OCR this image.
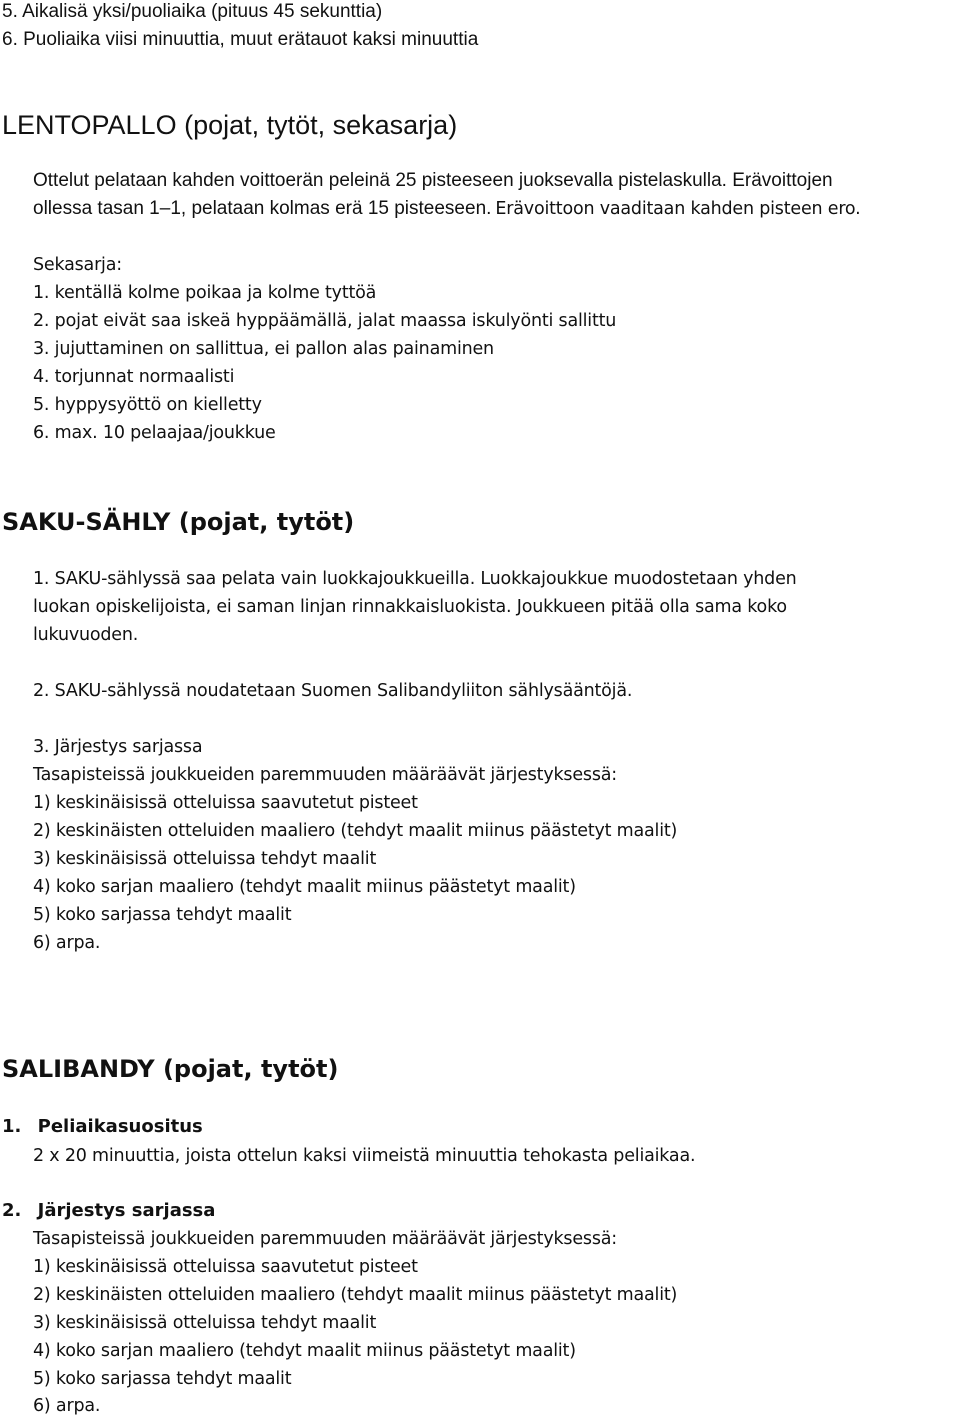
5. Aikalisä yksi/puoliaika (pituus 45 sekunttia)
6. Puoliaika viisi minuuttia, muut erätauot kaksi minuuttia
LENTOPALLO (pojat, tytöt, sekasarja)
Ottelut pelataan kahden voittoerän peleinä 25 pisteeseen juoksevalla pistelaskulla. Erävoittojen
ollessa tasan 1–1, pelataan kolmas erä 15 pisteeseen. Erävoittoon vaaditaan kahden pisteen ero.
Sekasarja:
1. kentällä kolme poikaa ja kolme tyttöä
2. pojat eivät saa iskeä hyppäämällä, jalat maassa iskulyönti sallittu
3. jujuttaminen on sallittua, ei pallon alas painaminen
4. torjunnat normaalisti
5. hyppysyöttö on kielletty
6. max. 10 pelaajaa/joukkue
SAKU-SÄHLY (pojat, tytöt)
1. SAKU-sählyssä saa pelata vain luokkajoukkueilla. Luokkajoukkue muodostetaan yhden
luokan opiskelijoista, ei saman linjan rinnakkaisluokista. Joukkueen pitää olla sama koko
lukuvuoden.
2. SAKU-sählyssä noudatetaan Suomen Salibandyliiton sählysääntöjä.
3. Järjestys sarjassa
Tasapisteissä joukkueiden paremmuuden määräävät järjestyksessä:
1) keskinäisissä otteluissa saavutetut pisteet
2) keskinäisten otteluiden maaliero (tehdyt maalit miinus päästetyt maalit)
3) keskinäisissä otteluissa tehdyt maalit
4) koko sarjan maaliero (tehdyt maalit miinus päästetyt maalit)
5) koko sarjassa tehdyt maalit
6) arpa.
SALIBANDY (pojat, tytöt)
1. Peliaikasuositus
2 x 20 minuuttia, joista ottelun kaksi viimeistä minuuttia tehokasta peliaikaa.
2. Järjestys sarjassa
Tasapisteissä joukkueiden paremmuuden määräävät järjestyksessä:
1) keskinäisissä otteluissa saavutetut pisteet
2) keskinäisten otteluiden maaliero (tehdyt maalit miinus päästetyt maalit)
3) keskinäisissä otteluissa tehdyt maalit
4) koko sarjan maaliero (tehdyt maalit miinus päästetyt maalit)
5) koko sarjassa tehdyt maalit
6) arpa.
